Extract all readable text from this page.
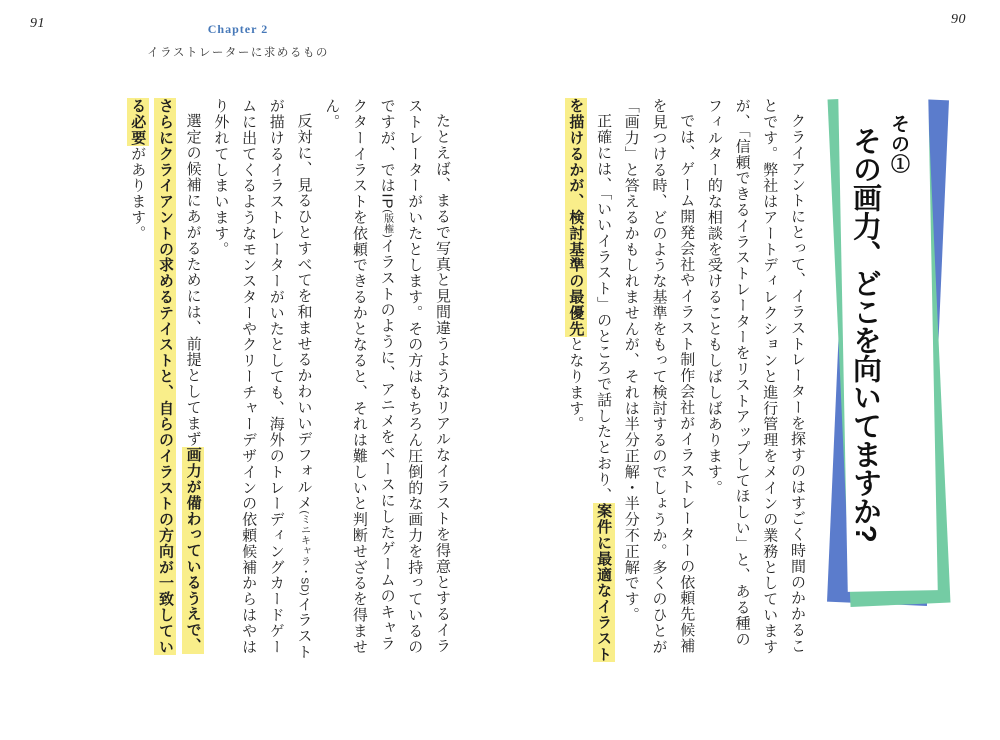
91	Chapter 2
イラストレーターに求めるもの

たとえば、まるで写真と見間違うようなリアルなイラストを得意とするイラストレーターがいたとします。その方はもちろん圧倒的な画力を持っているのですが、ではIP(版権)イラストのように、アニメをベースにしたゲームのキャラクターイラストを依頼できるかとなると、それは難しいと判断せざるを得ません。

反対に、見るひとすべてを和ませるかわいいデフォルメ(ミニキャラ・SD)イラストが描けるイラストレーターがいたとしても、海外のトレーディングカードゲームに出てくるようなモンスターやクリーチャーデザインの依頼候補からはやはり外れてしまいます。

選定の候補にあがるためには、前提としてまず画力が備わっているうえで、さらにクライアントの求めるテイストと、自らのイラストの方向が一致している必要があります。

90
その①
その画力、どこを向いてますか?

クライアントにとって、イラストレーターを探すのはすごく時間のかかることです。弊社はアートディレクションと進行管理をメインの業務としていますが、「信頼できるイラストレーターをリストアップしてほしい」と、ある種のフィルター的な相談を受けることもしばしばあります。

では、ゲーム開発会社やイラスト制作会社がイラストレーターの依頼先候補を見つける時、どのような基準をもって検討するのでしょうか。多くのひとが「画力」と答えるかもしれませんが、それは半分正解・半分不正解です。

正確には、「いいイラスト」のところで話したとおり、案件に最適なイラストを描けるかが、検討基準の最優先となります。
